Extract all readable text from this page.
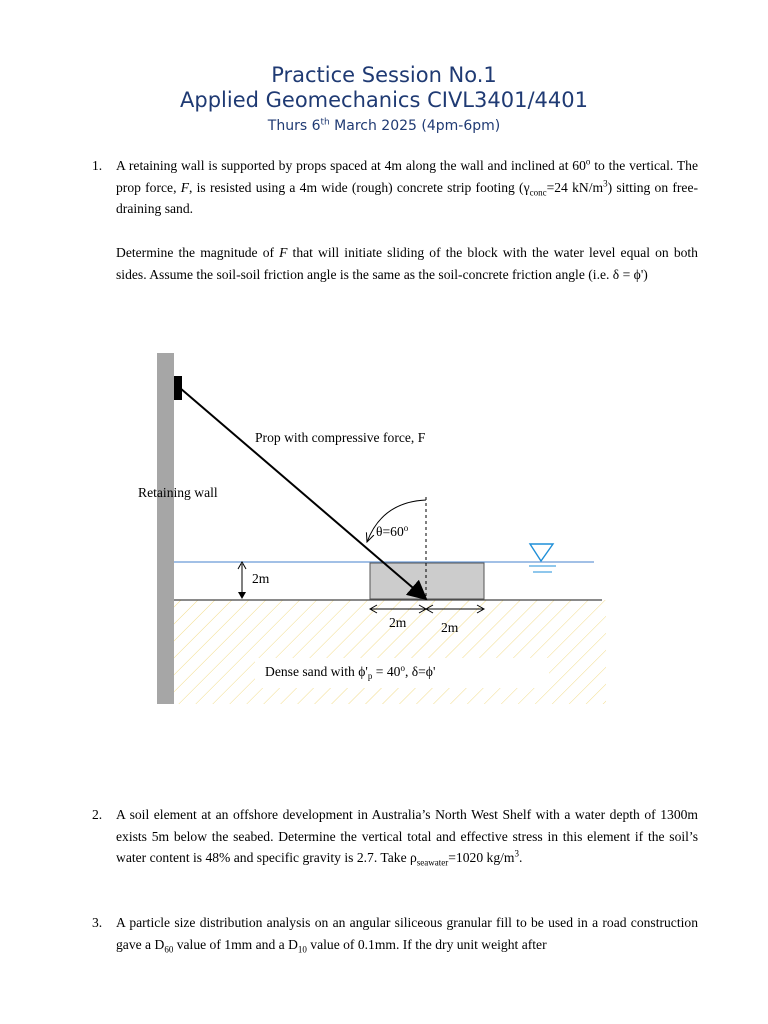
Practice Session No.1
Applied Geomechanics CIVL3401/4401
Thurs 6th March 2025 (4pm-6pm)
1. A retaining wall is supported by props spaced at 4m along the wall and inclined at 60$^o$ to the vertical. The prop force, F, is resisted using a 4m wide (rough) concrete strip footing ($\gamma_{conc}=24$ $kN/m^3$) sitting on free-draining sand.
Determine the magnitude of F that will initiate sliding of the block with the water level equal on both sides. Assume the soil-soil friction angle is the same as the soil-concrete friction angle (i.e. δ = ϕ')
Prop with compressive force, F
Retaining wall
$\theta=60^o$
2m
2m	2m
Dense sand with $\phi'_p = 40^o$, δ=ϕ'
2. A soil element at an offshore development in Australia’s North West Shelf with a water depth of 1300m exists 5m below the seabed. Determine the vertical total and effective stress in this element if the soil’s water content is 48% and specific gravity is 2.7. Take $\rho_{seawater}=1020$ $kg/m^3$.
3. A particle size distribution analysis on an angular siliceous granular fill to be used in a road construction gave a $D_{60}$ value of 1mm and a $D_{10}$ value of 0.1mm. If the dry unit weight after
